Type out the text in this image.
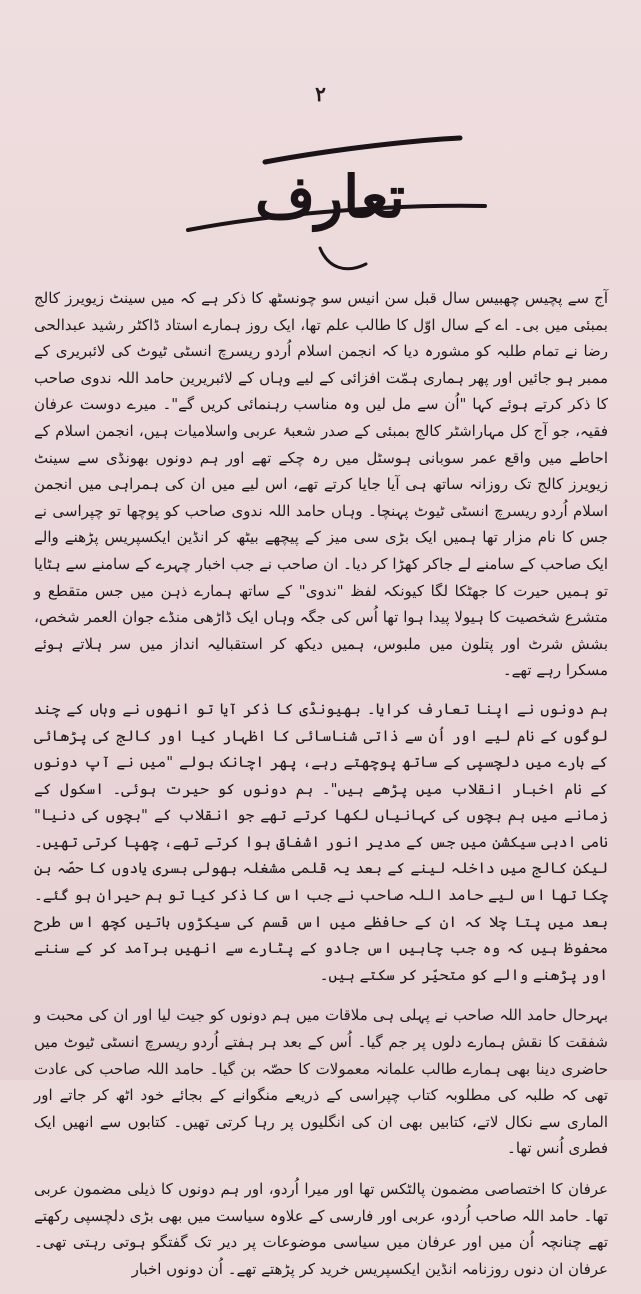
۲
تعارف

آج سے پچیس چھبیس سال قبل سن انیس سو چونسٹھ کا ذکر ہے کہ میں سینٹ زیویرز کالج بمبئی میں بی۔ اے کے سال اوّل کا طالب علم تھا، ایک روز ہمارے استاد ڈاکٹر رشید عبدالحی رضا نے تمام طلبہ کو مشورہ دیا کہ انجمن اسلام اُردو ریسرچ انسٹی ٹیوٹ کی لائبریری کے ممبر ہو جائیں اور پھر ہماری ہمّت افزائی کے لیے وہاں کے لائبریرین حامد اللہ ندوی صاحب کا ذکر کرتے ہوئے کہا "اُن سے مل لیں وہ مناسب رہنمائی کریں گے"۔ میرے دوست عرفان فقیہ، جو آج کل مہاراشٹر کالج بمبئی کے صدر شعبۂ عربی واسلامیات ہیں، انجمن اسلام کے احاطے میں واقع عمر سوبانی ہوسٹل میں رہ چکے تھے اور ہم دونوں بھونڈی سے سینٹ زیویرز کالج تک روزانہ ساتھ ہی آیا جایا کرتے تھے، اس لیے میں ان کی ہمراہی میں انجمن اسلام اُردو ریسرچ انسٹی ٹیوٹ پہنچا۔ وہاں حامد اللہ ندوی صاحب کو پوچھا تو چپراسی نے جس کا نام مزار تھا ہمیں ایک بڑی سی میز کے پیچھے بیٹھ کر انڈین ایکسپریس پڑھنے والے ایک صاحب کے سامنے لے جاکر کھڑا کر دیا۔ ان صاحب نے جب اخبار چہرے کے سامنے سے ہٹایا تو ہمیں حیرت کا جھٹکا لگا کیونکہ لفظ "ندوی" کے ساتھ ہمارے ذہن میں جس متقطع و متشرع شخصیت کا ہیولا پیدا ہوا تھا اُس کی جگہ وہاں ایک ڈاڑھی منڈے جوان العمر شخص، بشش شرٹ اور پتلون میں ملبوس، ہمیں دیکھ کر استقبالیہ انداز میں سر ہلاتے ہوئے مسکرا رہے تھے۔

ہم دونوں نے اپنا تعارف کرایا۔ بھیونڈی کا ذکر آیا تو انھوں نے وہاں کے چند لوگوں کے نام لیے اور اُن سے ذاتی شناسائی کا اظہار کیا اور کالج کی پڑھائی کے بارے میں دلچسپی کے ساتھ پوچھتے رہے، پھر اچانک بولے "میں نے آپ دونوں کے نام اخبار انقلاب میں پڑھے ہیں"۔ ہم دونوں کو حیرت ہوئی۔ اسکول کے زمانے میں ہم بچوں کی کہانیاں لکھا کرتے تھے جو انقلاب کے "بچوں کی دنیا" نامی ادبی سیکشن میں جس کے مدیر انور اشفاق ہوا کرتے تھے، چھپا کرتی تھیں۔ لیکن کالج میں داخلہ لینے کے بعد یہ قلمی مشغلہ بھولی بسری یادوں کا حصّہ بن چکا تھا اس لیے حامد اللہ صاحب نے جب اس کا ذکر کیا تو ہم حیران ہو گئے۔ بعد میں پتا چلا کہ ان کے حافظے میں اس قسم کی سیکڑوں باتیں کچھ اس طرح محفوظ ہیں کہ وہ جب چاہیں اس جادو کے پٹارے سے انھیں برآمد کر کے سننے اور پڑھنے والے کو متحیّر کر سکتے ہیں۔

بہرحال حامد اللہ صاحب نے پہلی ہی ملاقات میں ہم دونوں کو جیت لیا اور ان کی محبت و شفقت کا نقش ہمارے دلوں پر جم گیا۔ اُس کے بعد ہر ہفتے اُردو ریسرچ انسٹی ٹیوٹ میں حاضری دینا بھی ہمارے طالب علمانہ معمولات کا حصّہ بن گیا۔ حامد اللہ صاحب کی عادت تھی کہ طلبہ کی مطلوبہ کتاب چپراسی کے ذریعے منگوانے کے بجائے خود اٹھ کر جاتے اور الماری سے نکال لاتے، کتابیں بھی ان کی انگلیوں پر رہا کرتی تھیں۔ کتابوں سے انھیں ایک فطری اُنس تھا۔

عرفان کا اختصاصی مضمون پالٹکس تھا اور میرا اُردو، اور ہم دونوں کا ذیلی مضمون عربی تھا۔ حامد اللہ صاحب اُردو، عربی اور فارسی کے علاوہ سیاست میں بھی بڑی دلچسپی رکھتے تھے چنانچہ اُن میں اور عرفان میں سیاسی موضوعات پر دیر تک گفتگو ہوتی رہتی تھی۔ عرفان ان دنوں روزنامہ انڈین ایکسپریس خرید کر پڑھتے تھے۔ اُن دونوں اخبار
